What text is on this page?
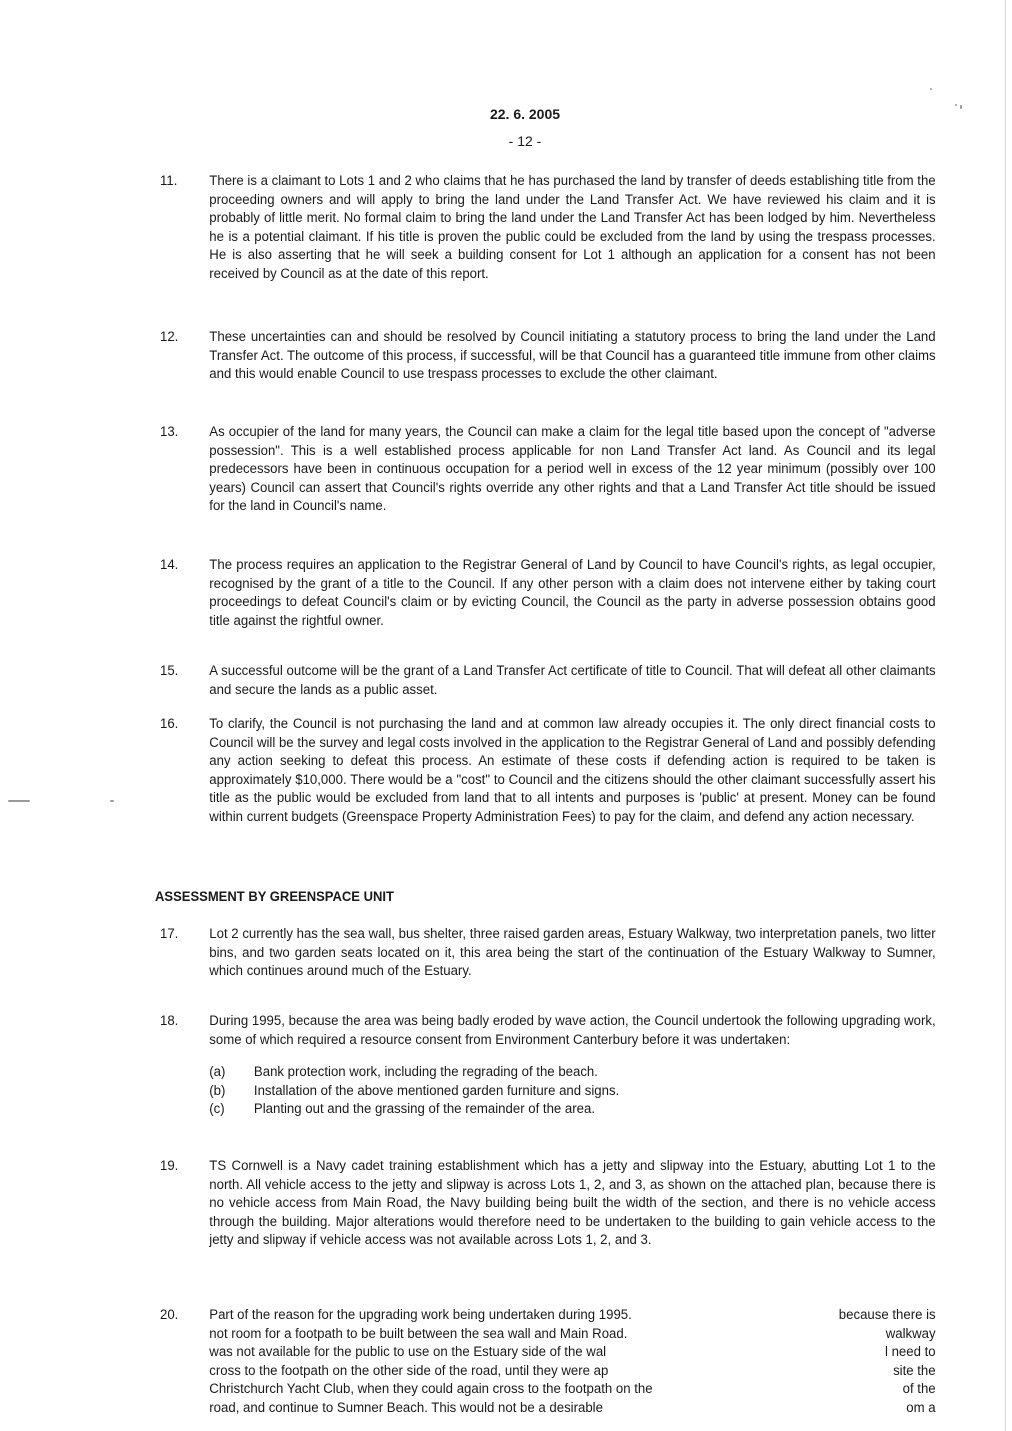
22. 6. 2005
- 12 -
11.	There is a claimant to Lots 1 and 2 who claims that he has purchased the land by transfer of deeds establishing title from the proceeding owners and will apply to bring the land under the Land Transfer Act. We have reviewed his claim and it is probably of little merit. No formal claim to bring the land under the Land Transfer Act has been lodged by him. Nevertheless he is a potential claimant. If his title is proven the public could be excluded from the land by using the trespass processes. He is also asserting that he will seek a building consent for Lot 1 although an application for a consent has not been received by Council as at the date of this report.
12.	These uncertainties can and should be resolved by Council initiating a statutory process to bring the land under the Land Transfer Act. The outcome of this process, if successful, will be that Council has a guaranteed title immune from other claims and this would enable Council to use trespass processes to exclude the other claimant.
13.	As occupier of the land for many years, the Council can make a claim for the legal title based upon the concept of "adverse possession". This is a well established process applicable for non Land Transfer Act land. As Council and its legal predecessors have been in continuous occupation for a period well in excess of the 12 year minimum (possibly over 100 years) Council can assert that Council's rights override any other rights and that a Land Transfer Act title should be issued for the land in Council's name.
14.	The process requires an application to the Registrar General of Land by Council to have Council's rights, as legal occupier, recognised by the grant of a title to the Council. If any other person with a claim does not intervene either by taking court proceedings to defeat Council's claim or by evicting Council, the Council as the party in adverse possession obtains good title against the rightful owner.
15.	A successful outcome will be the grant of a Land Transfer Act certificate of title to Council. That will defeat all other claimants and secure the lands as a public asset.
16.	To clarify, the Council is not purchasing the land and at common law already occupies it. The only direct financial costs to Council will be the survey and legal costs involved in the application to the Registrar General of Land and possibly defending any action seeking to defeat this process. An estimate of these costs if defending action is required to be taken is approximately $10,000. There would be a "cost" to Council and the citizens should the other claimant successfully assert his title as the public would be excluded from land that to all intents and purposes is 'public' at present. Money can be found within current budgets (Greenspace Property Administration Fees) to pay for the claim, and defend any action necessary.
ASSESSMENT BY GREENSPACE UNIT
17.	Lot 2 currently has the sea wall, bus shelter, three raised garden areas, Estuary Walkway, two interpretation panels, two litter bins, and two garden seats located on it, this area being the start of the continuation of the Estuary Walkway to Sumner, which continues around much of the Estuary.
18.	During 1995, because the area was being badly eroded by wave action, the Council undertook the following upgrading work, some of which required a resource consent from Environment Canterbury before it was undertaken:
(a)	Bank protection work, including the regrading of the beach.
(b)	Installation of the above mentioned garden furniture and signs.
(c)	Planting out and the grassing of the remainder of the area.
19.	TS Cornwell is a Navy cadet training establishment which has a jetty and slipway into the Estuary, abutting Lot 1 to the north. All vehicle access to the jetty and slipway is across Lots 1, 2, and 3, as shown on the attached plan, because there is no vehicle access from Main Road, the Navy building being built the width of the section, and there is no vehicle access through the building. Major alterations would therefore need to be undertaken to the building to gain vehicle access to the jetty and slipway if vehicle access was not available across Lots 1, 2, and 3.
20.	Part of the reason for the upgrading work being undertaken during 1995.	because there is
not room for a footpath to be built between the sea wall and Main Road.	walkway
was not available for the public to use on the Estuary side of the wal	l need to
cross to the footpath on the other side of the road, until they were ap	site the
Christchurch Yacht Club, when they could again cross to the footpath on the	of the
road, and continue to Sumner Beach. This would not be a desirable	om a
